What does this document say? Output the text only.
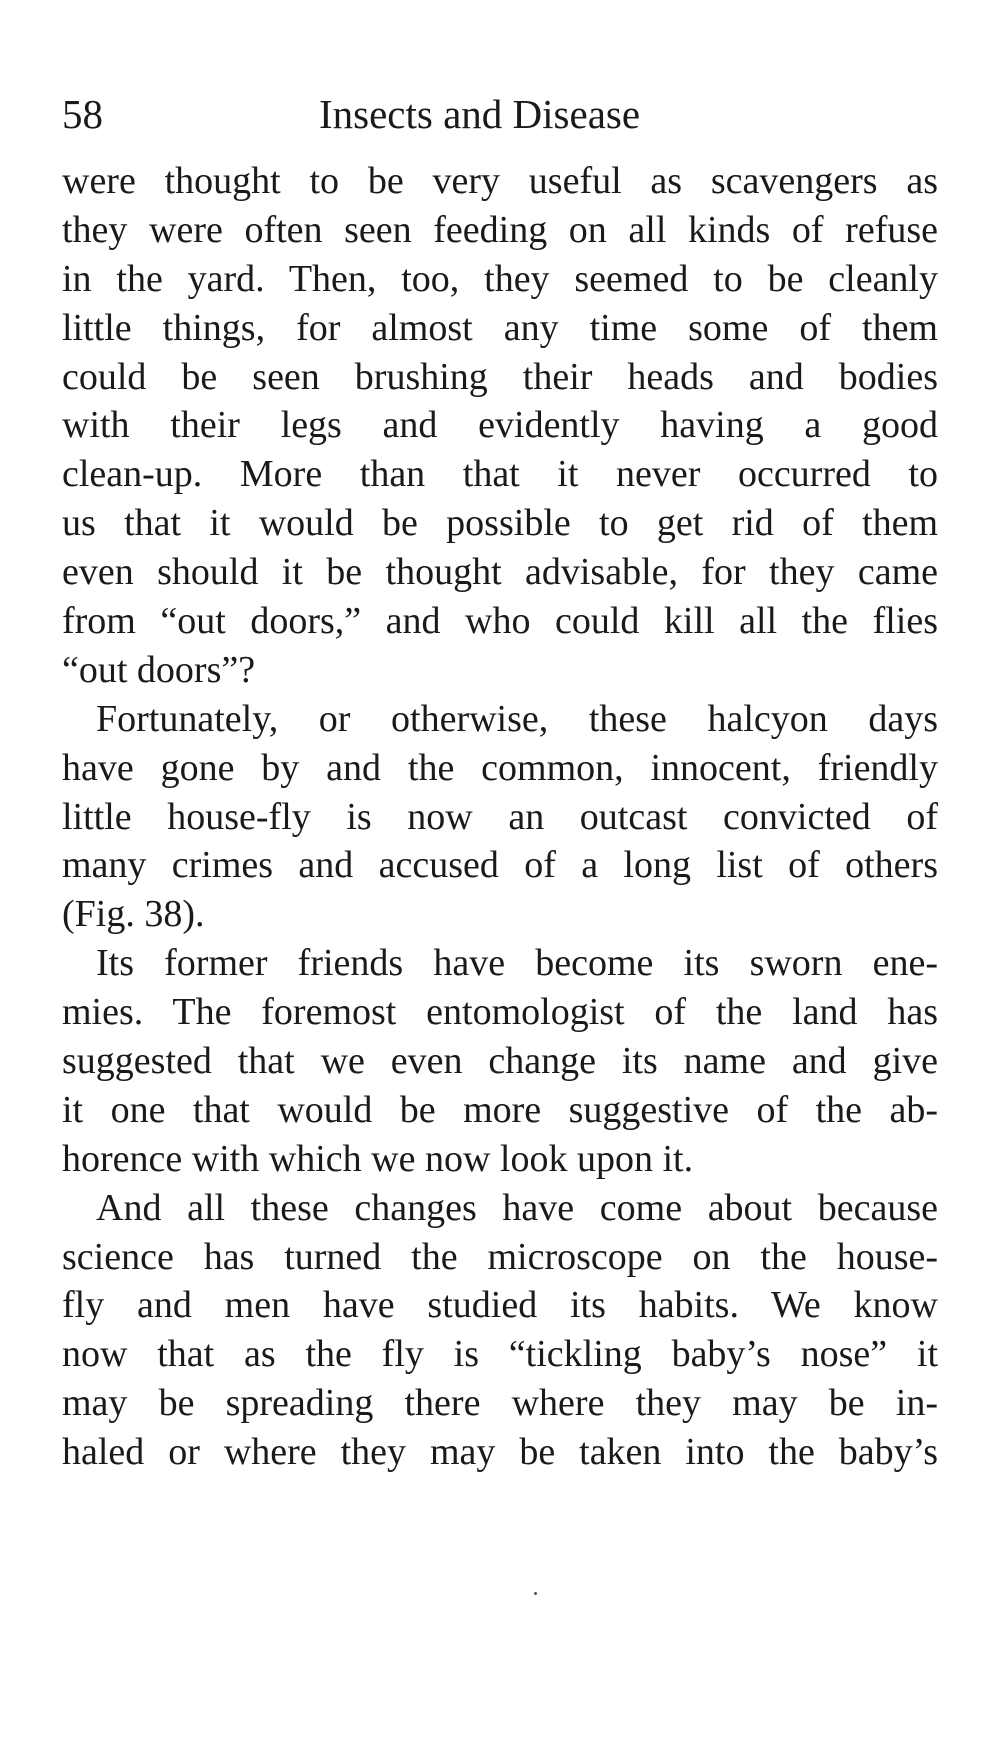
58	Insects and Disease
were thought to be very useful as scavengers as
they were often seen feeding on all kinds of refuse
in the yard. Then, too, they seemed to be cleanly
little things, for almost any time some of them
could be seen brushing their heads and bodies
with their legs and evidently having a good
clean-up. More than that it never occurred to
us that it would be possible to get rid of them
even should it be thought advisable, for they came
from “out doors,” and who could kill all the flies
“out doors”?
Fortunately, or otherwise, these halcyon days
have gone by and the common, innocent, friendly
little house-fly is now an outcast convicted of
many crimes and accused of a long list of others
(Fig. 38).
Its former friends have become its sworn ene-
mies. The foremost entomologist of the land has
suggested that we even change its name and give
it one that would be more suggestive of the ab-
horence with which we now look upon it.
And all these changes have come about because
science has turned the microscope on the house-
fly and men have studied its habits. We know
now that as the fly is “tickling baby’s nose” it
may be spreading there where they may be in-
haled or where they may be taken into the baby’s
